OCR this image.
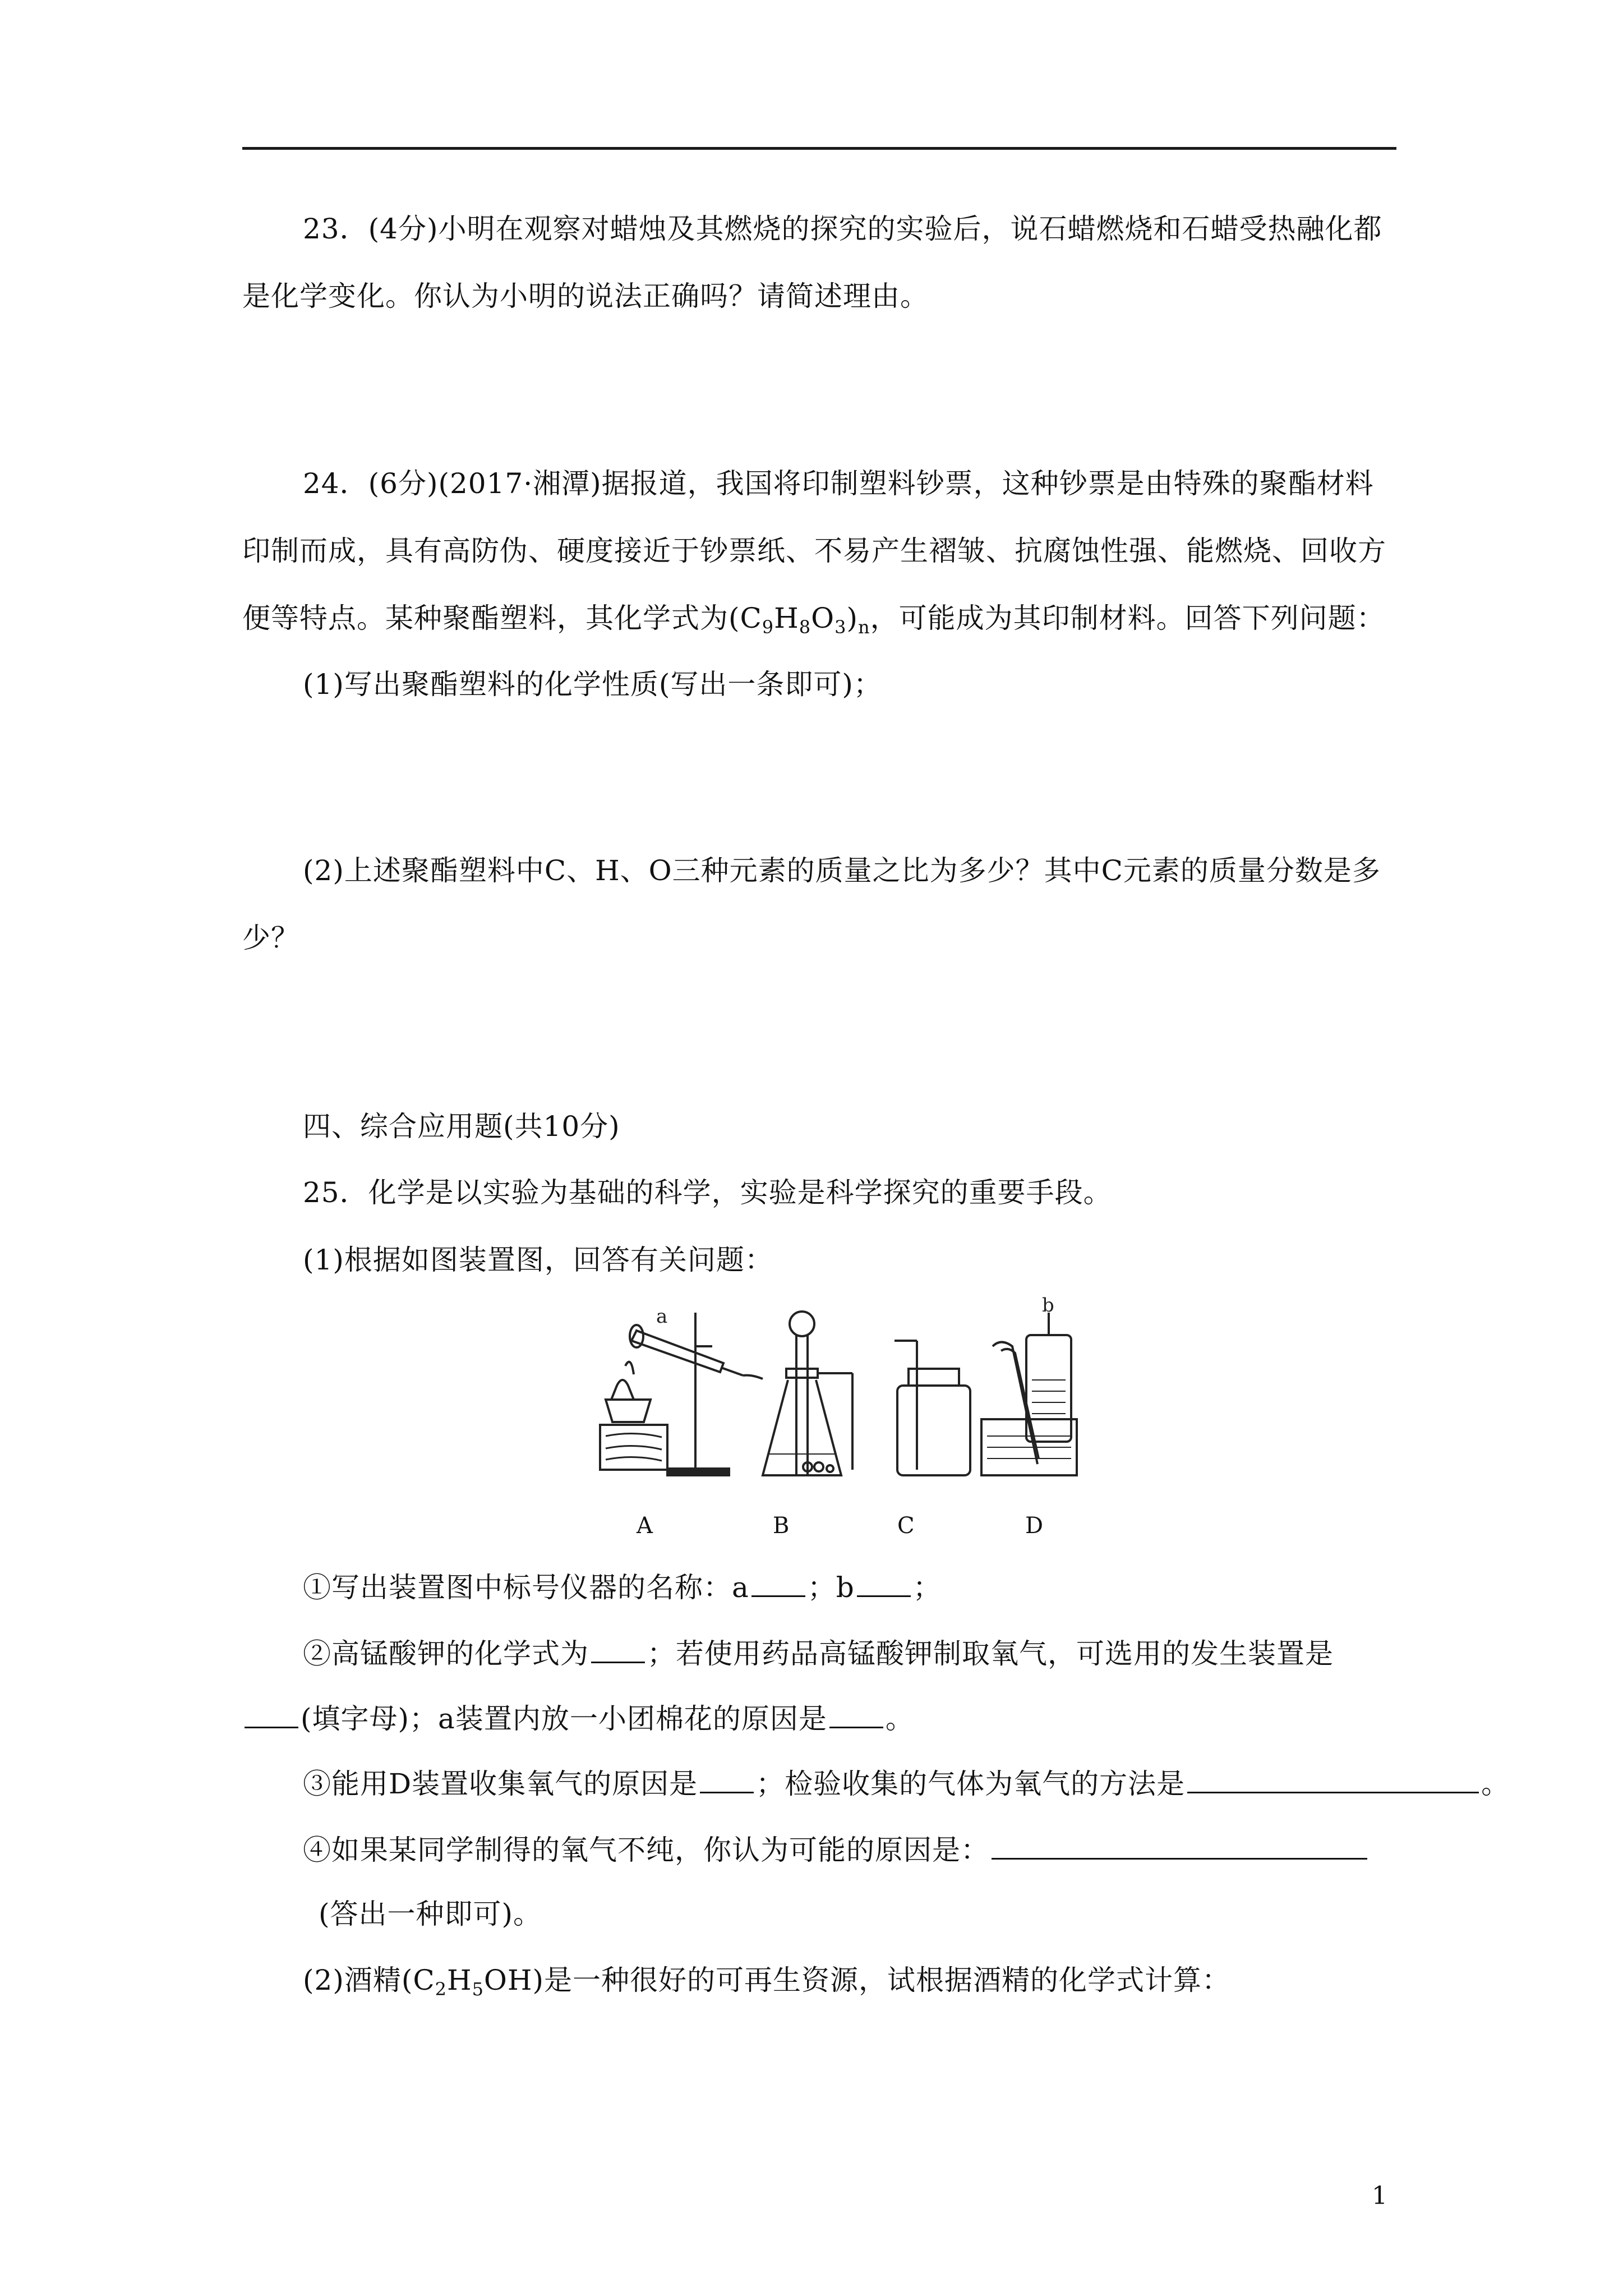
23．(4分)小明在观察对蜡烛及其燃烧的探究的实验后，说石蜡燃烧和石蜡受热融化都
是化学变化。你认为小明的说法正确吗？请简述理由。
24．(6分)(2017·湘潭)据报道，我国将印制塑料钞票，这种钞票是由特殊的聚酯材料
印制而成，具有高防伪、硬度接近于钞票纸、不易产生褶皱、抗腐蚀性强、能燃烧、回收方
便等特点。某种聚酯塑料，其化学式为$(C_9H_8O_3)_n$，可能成为其印制材料。回答下列问题：
(1)写出聚酯塑料的化学性质(写出一条即可)；
(2)上述聚酯塑料中C、H、O三种元素的质量之比为多少？其中C元素的质量分数是多
少？
四、综合应用题(共10分)
25．化学是以实验为基础的科学，实验是科学探究的重要手段。
(1)根据如图装置图，回答有关问题：
a	b
A	B	C	D
①写出装置图中标号仪器的名称：a ；b ；
②高锰酸钾的化学式为 ；若使用药品高锰酸钾制取氧气，可选用的发生装置是
(填字母)；a装置内放一小团棉花的原因是 。
③能用D装置收集氧气的原因是 ；检验收集的气体为氧气的方法是	。
④如果某同学制得的氧气不纯，你认为可能的原因是：
(答出一种即可)。
(2)酒精$(C_2H_5OH)$是一种很好的可再生资源，试根据酒精的化学式计算：
1
